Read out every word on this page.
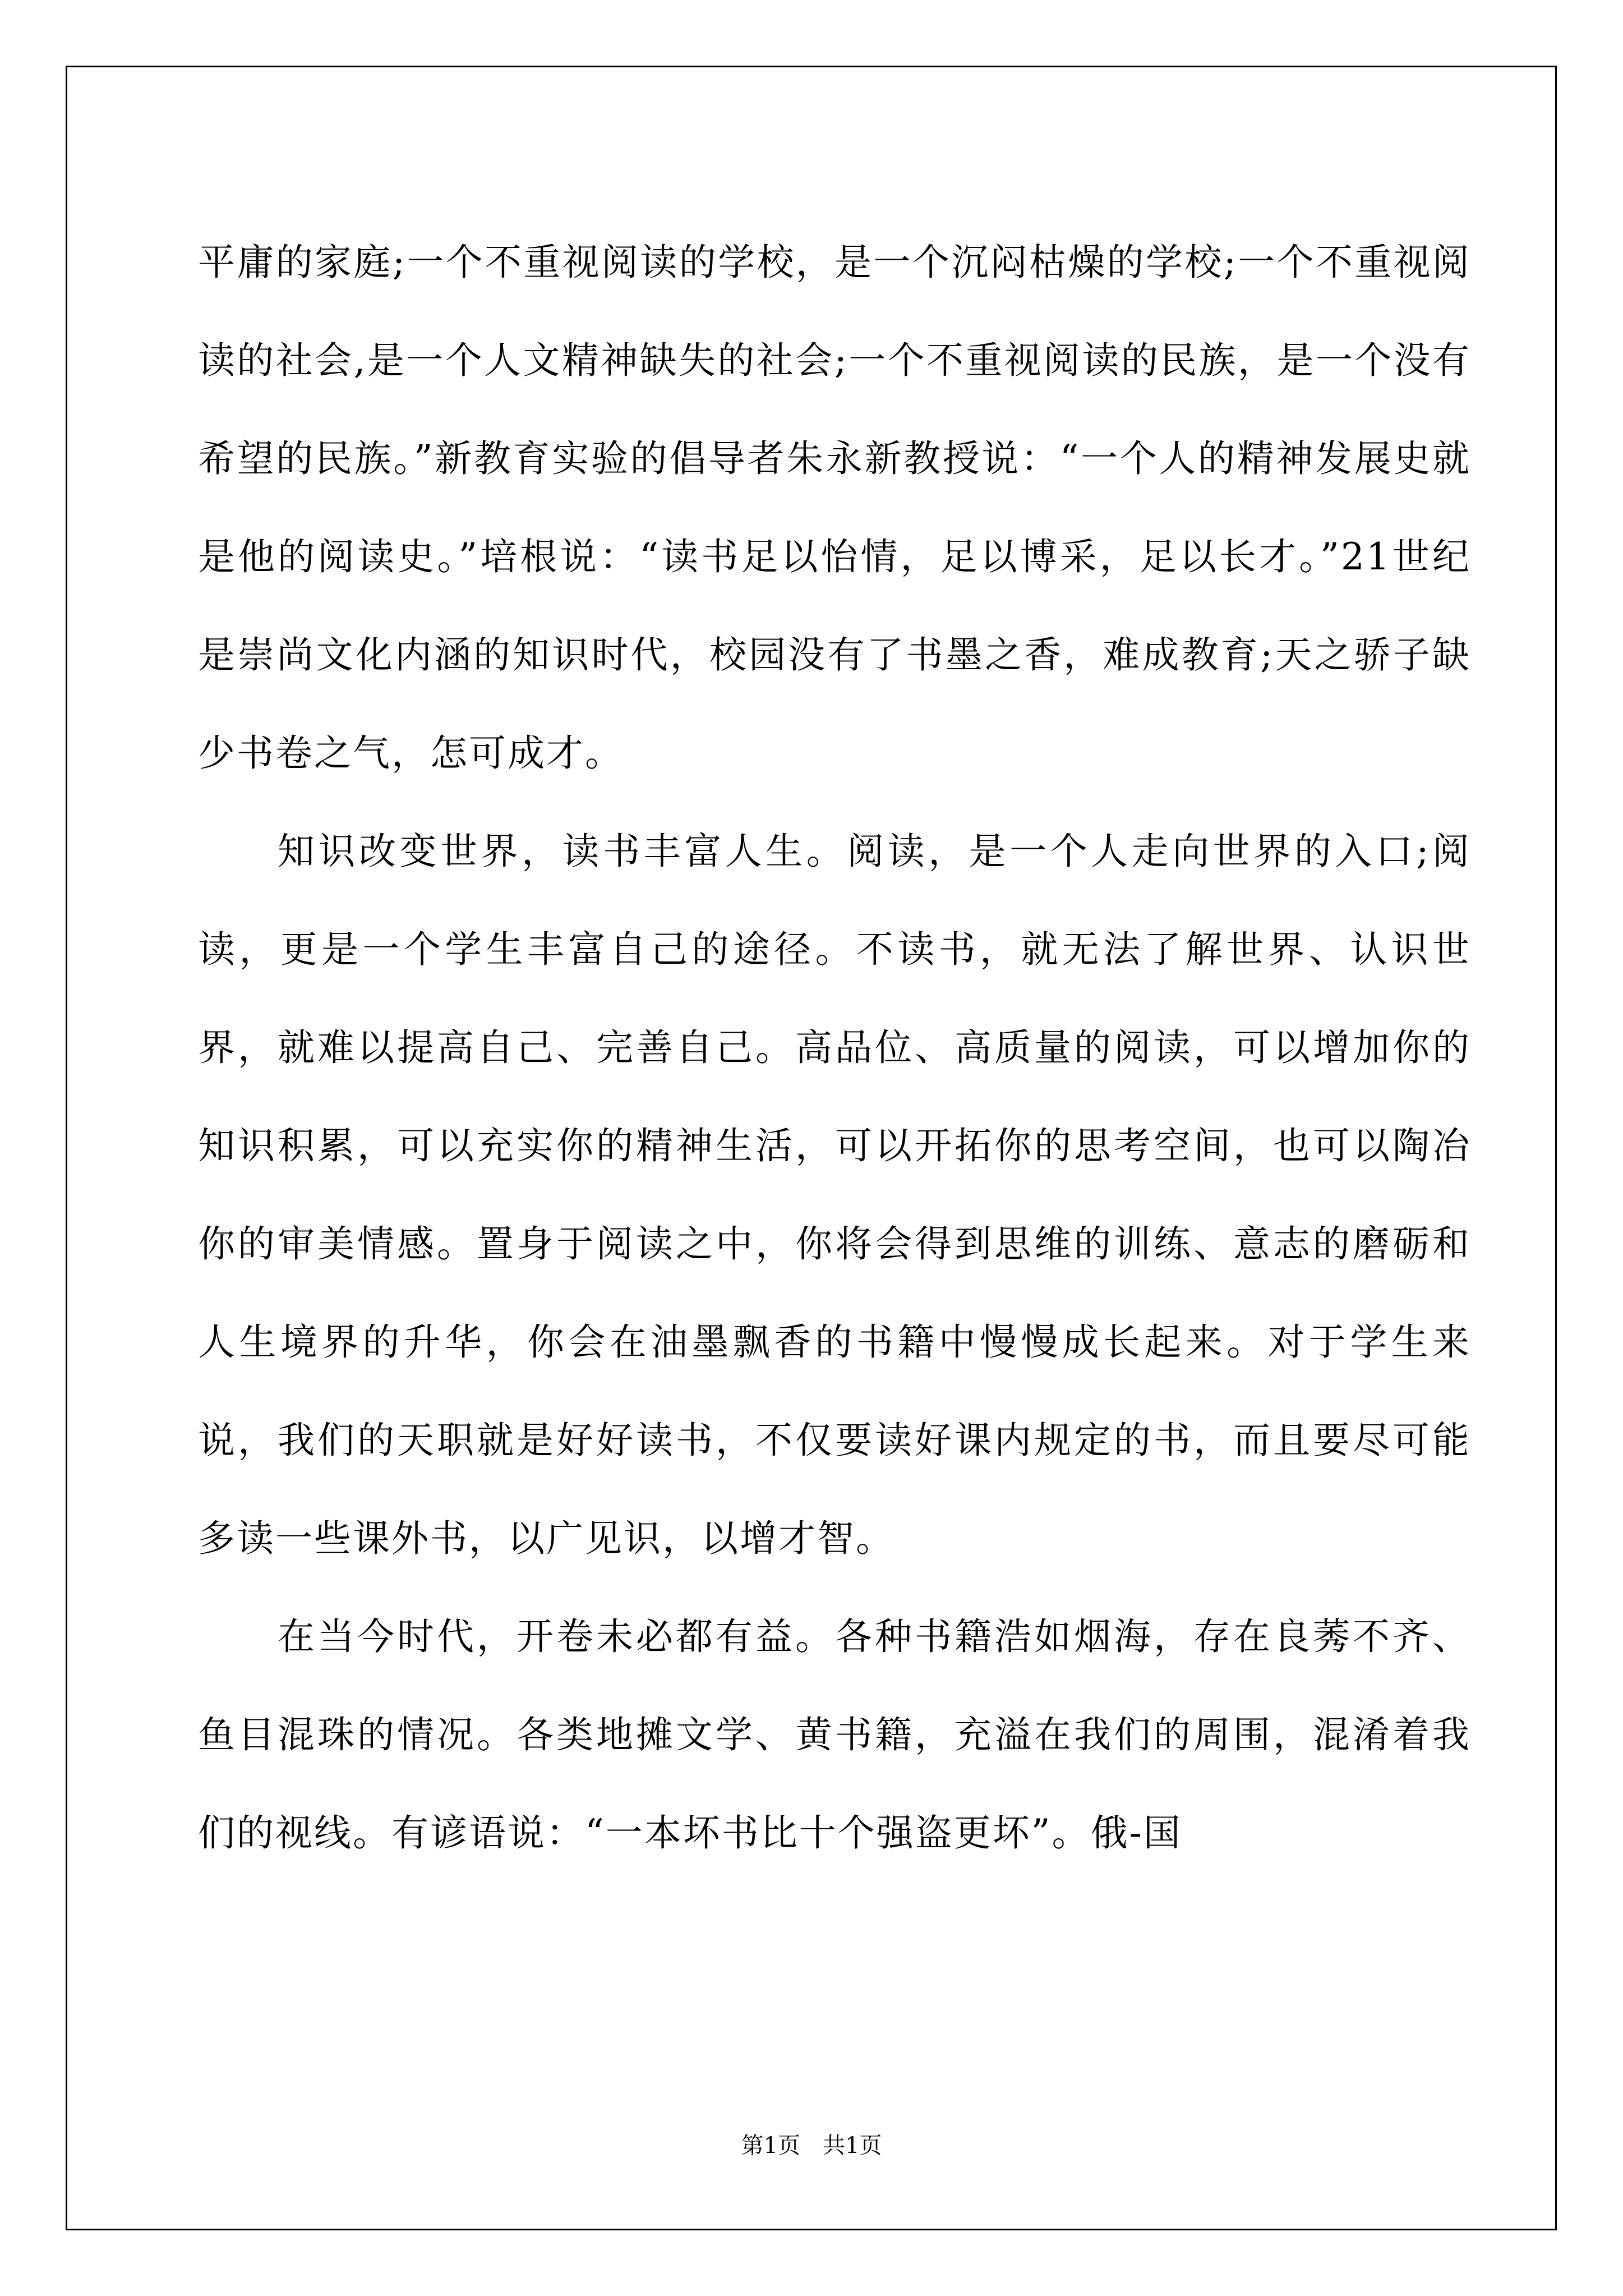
平庸的家庭;一个不重视阅读的学校，是一个沉闷枯燥的学校;一个不重视阅读的社会,是一个人文精神缺失的社会;一个不重视阅读的民族，是一个没有希望的民族。”新教育实验的倡导者朱永新教授说：“一个人的精神发展史就是他的阅读史。”培根说：“读书足以怡情，足以博采，足以长才。”21世纪是崇尚文化内涵的知识时代，校园没有了书墨之香，难成教育;天之骄子缺少书卷之气，怎可成才。

知识改变世界，读书丰富人生。阅读，是一个人走向世界的入口;阅读，更是一个学生丰富自己的途径。不读书，就无法了解世界、认识世界，就难以提高自己、完善自己。高品位、高质量的阅读，可以增加你的知识积累，可以充实你的精神生活，可以开拓你的思考空间，也可以陶冶你的审美情感。置身于阅读之中，你将会得到思维的训练、意志的磨砺和人生境界的升华，你会在油墨飘香的书籍中慢慢成长起来。对于学生来说，我们的天职就是好好读书，不仅要读好课内规定的书，而且要尽可能多读一些课外书，以广见识，以增才智。

在当今时代，开卷未必都有益。各种书籍浩如烟海，存在良莠不齐、鱼目混珠的情况。各类地摊文学、黄书籍，充溢在我们的周围，混淆着我们的视线。有谚语说：“一本坏书比十个强盗更坏”。俄-国

第1页　共1页
